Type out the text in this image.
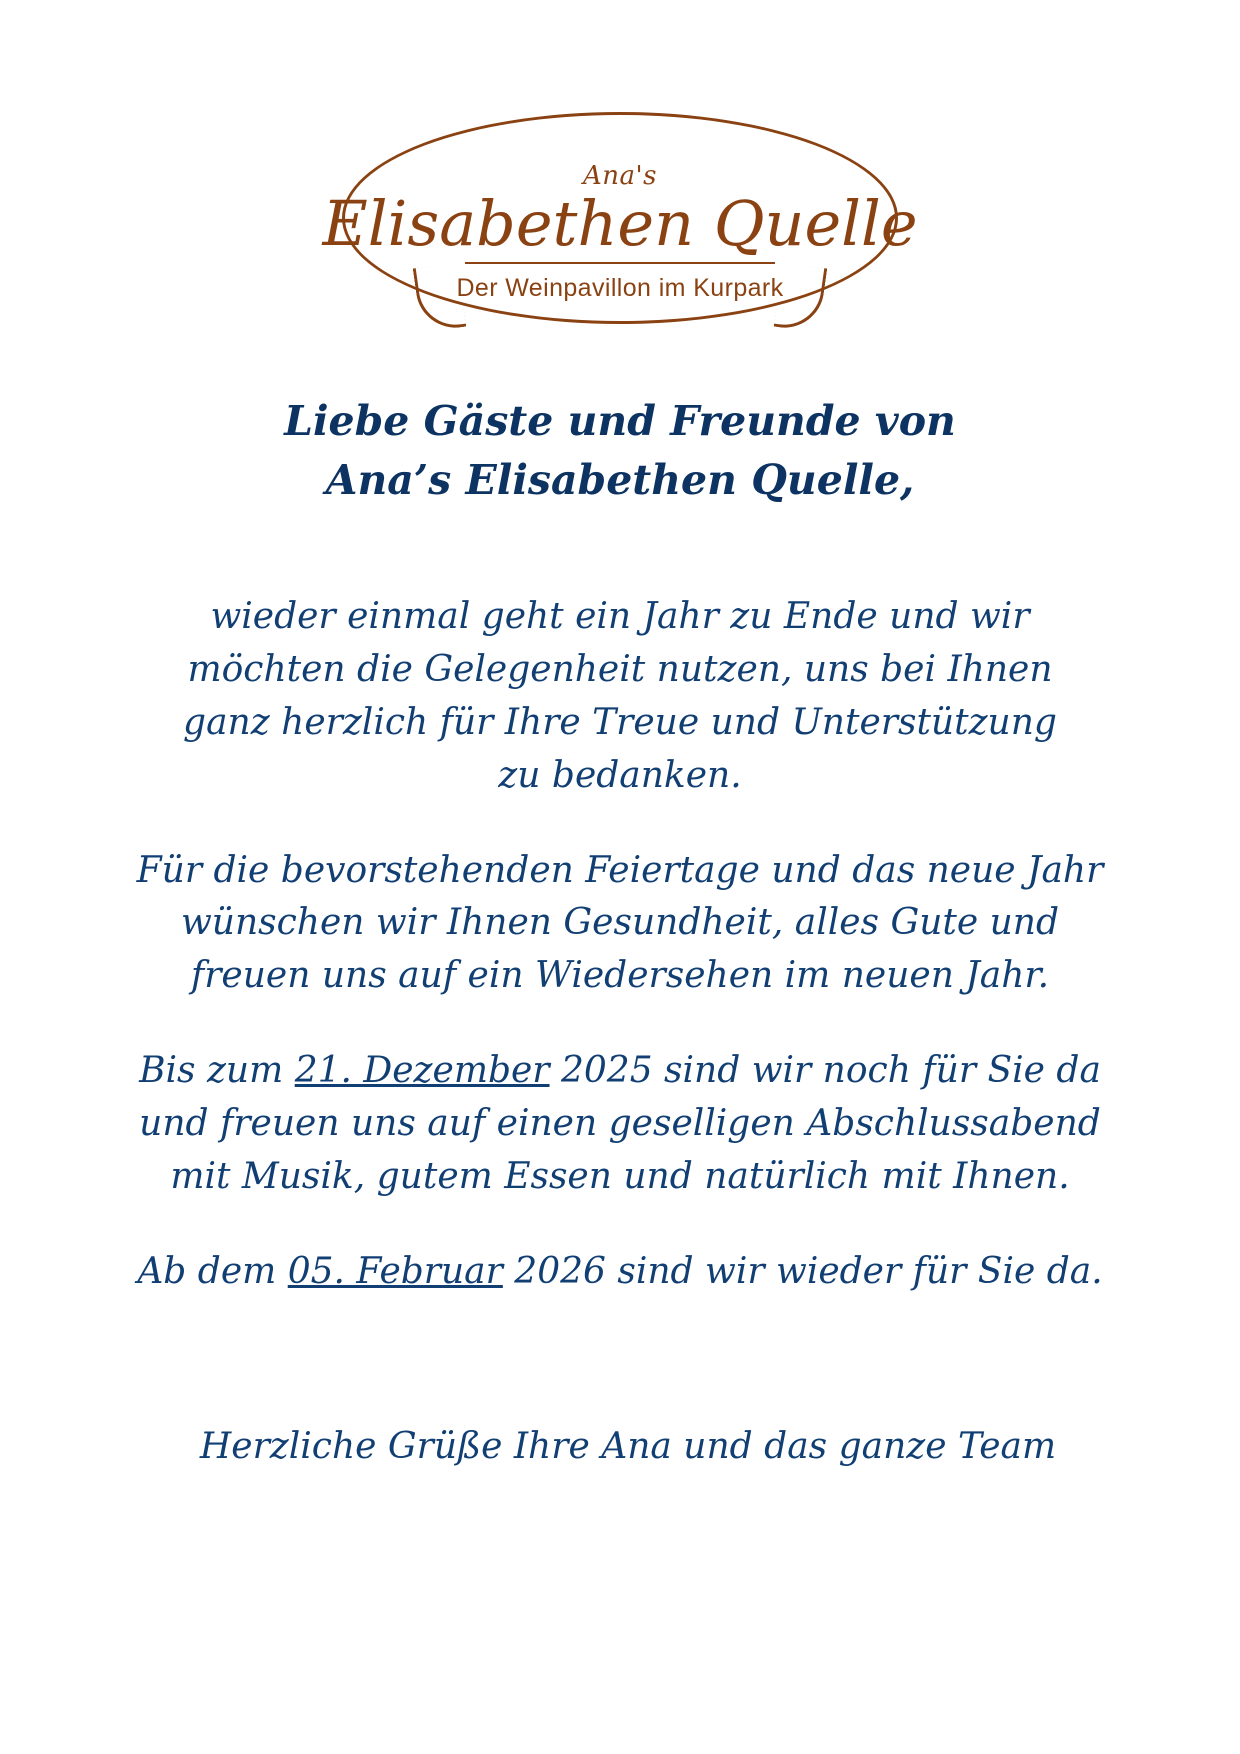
Ana's
Elisabethen Quelle
Der Weinpavillon im Kurpark
Liebe Gäste und Freunde von
Ana’s Elisabethen Quelle,

wieder einmal geht ein Jahr zu Ende und wir möchten die Gelegenheit nutzen, uns bei Ihnen ganz herzlich für Ihre Treue und Unterstützung zu bedanken.

Für die bevorstehenden Feiertage und das neue Jahr wünschen wir Ihnen Gesundheit, alles Gute und freuen uns auf ein Wiedersehen im neuen Jahr.

Bis zum 21. Dezember 2025 sind wir noch für Sie da und freuen uns auf einen geselligen Abschlussabend mit Musik, gutem Essen und natürlich mit Ihnen.

Ab dem 05. Februar 2026 sind wir wieder für Sie da.

Herzliche Grüße Ihre Ana und das ganze Team
